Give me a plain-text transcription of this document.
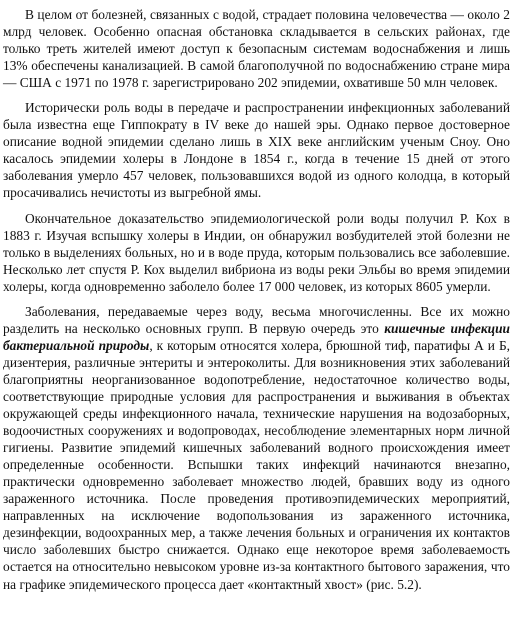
В целом от болезней, связанных с водой, страдает половина человечества — около 2 млрд человек. Особенно опасная обстановка складывается в сельских районах, где только треть жителей имеют доступ к безопасным системам водоснабжения и лишь 13% обеспечены канализацией. В самой благополучной по водоснабжению стране мира — США с 1971 по 1978 г. зарегистрировано 202 эпидемии, охвативше 50 млн человек.

Исторически роль воды в передаче и распространении инфекционных заболеваний была известна еще Гиппократу в IV веке до нашей эры. Однако первое достоверное описание водной эпидемии сделано лишь в XIX веке английским ученым Сноу. Оно касалось эпидемии холеры в Лондоне в 1854 г., когда в течение 15 дней от этого заболевания умерло 457 человек, пользовавшихся водой из одного колодца, в который просачивались нечистоты из выгребной ямы.

Окончательное доказательство эпидемиологической роли воды получил Р. Кох в 1883 г. Изучая вспышку холеры в Индии, он обнаружил возбудителей этой болезни не только в выделениях больных, но и в воде пруда, которым пользовались все заболевшие. Несколько лет спустя Р. Кох выделил вибриона из воды реки Эльбы во время эпидемии холеры, когда одновременно заболело более 17 000 человек, из которых 8605 умерли.

Заболевания, передаваемые через воду, весьма многочисленны. Все их можно разделить на несколько основных групп. В первую очередь это кишечные инфекции бактериальной природы, к которым относятся холера, брюшной тиф, паратифы А и Б, дизентерия, различные энтериты и энтероколиты. Для возникновения этих заболеваний благоприятны неорганизованное водопотребление, недостаточное количество воды, соответствующие природные условия для распространения и выживания в объектах окружающей среды инфекционного начала, технические нарушения на водозаборных, водоочистных сооружениях и водопроводах, несоблюдение элементарных норм личной гигиены. Развитие эпидемий кишечных заболеваний водного происхождения имеет определенные особенности. Вспышки таких инфекций начинаются внезапно, практически одновременно заболевает множество людей, бравших воду из одного зараженного источника. После проведения противоэпидемических мероприятий, направленных на исключение водопользования из зараженного источника, дезинфекции, водоохранных мер, а также лечения больных и ограничения их контактов число заболевших быстро снижается. Однако еще некоторое время заболеваемость остается на относительно невысоком уровне из-за контактного бытового заражения, что на графике эпидемического процесса дает «контактный хвост» (рис. 5.2).
